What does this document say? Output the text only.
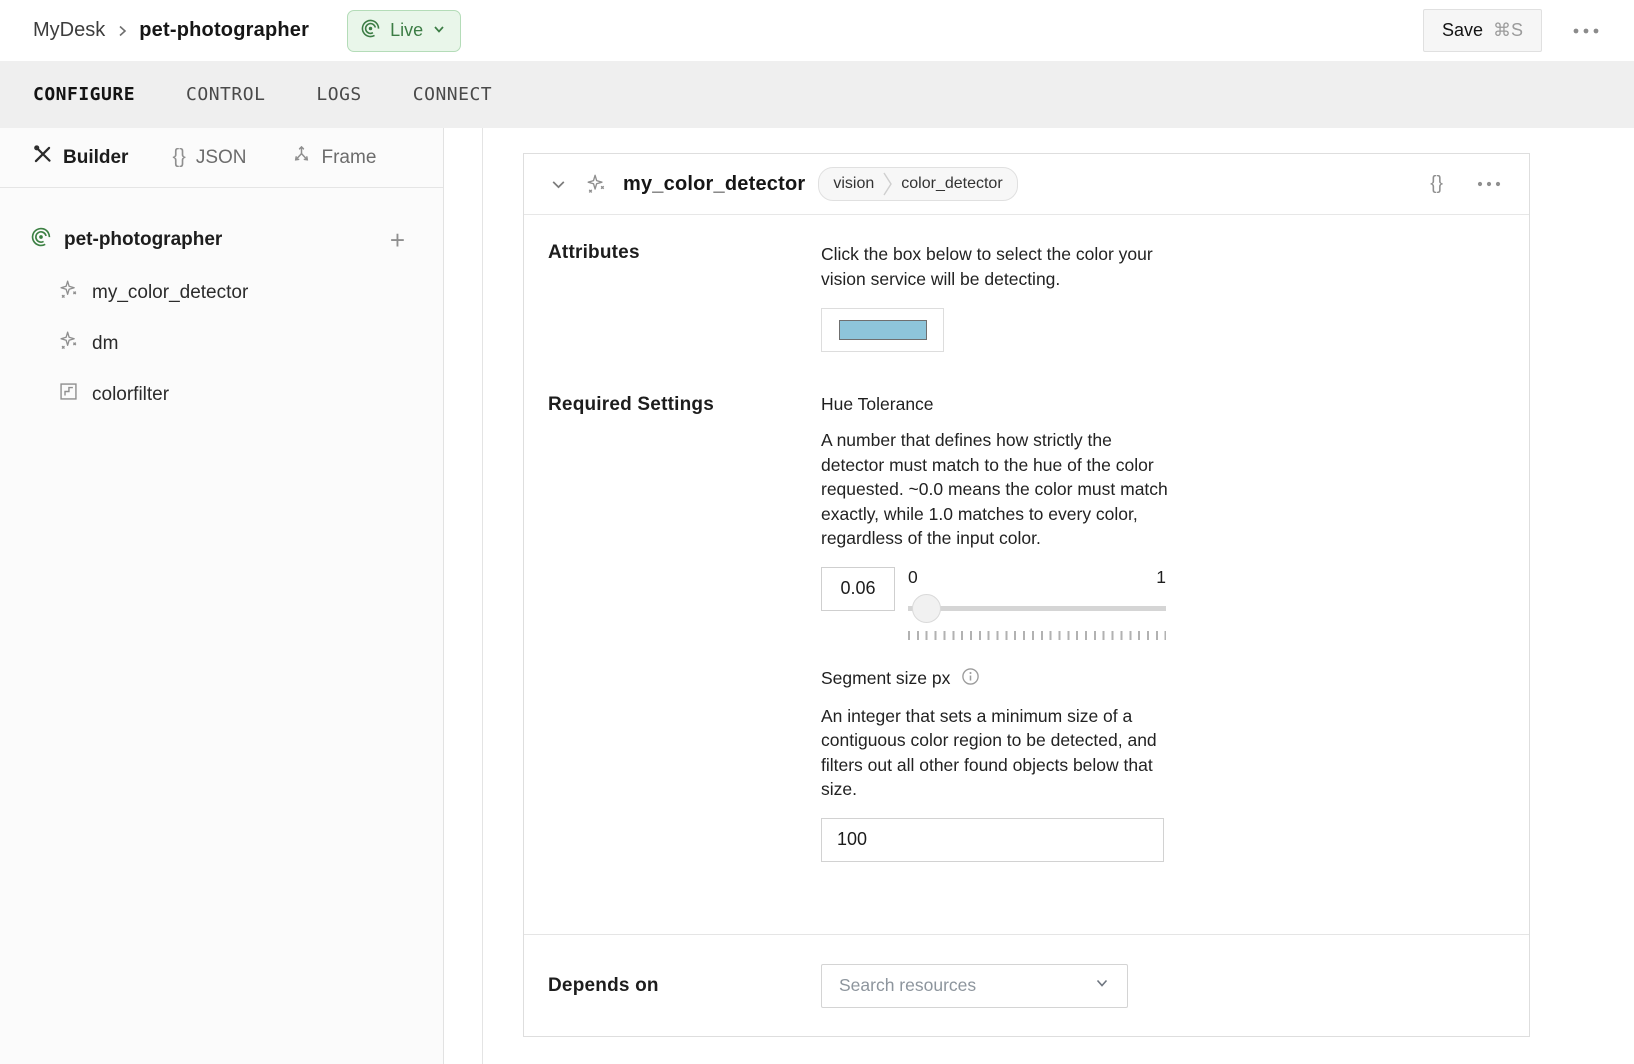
MyDesk pet-photographer	Live	Save ⌘S
CONFIGURE	CONTROL	LOGS	CONNECT
Builder {} JSON	Frame
pet-photographer	+
my_color_detector
dm
colorfilter
my_color_detector vision color_detector	{}
Attributes	Click the box below to select the color your vision service will be detecting.

Required Settings	Hue Tolerance

A number that defines how strictly the detector must match to the hue of the color requested. ~0.0 means the color must match exactly, while 1.0 matches to every color, regardless of the input color.

0.06
0	1
Segment size px

An integer that sets a minimum size of a contiguous color region to be detected, and filters out all other found objects below that size.

100
Depends on	Search resources
